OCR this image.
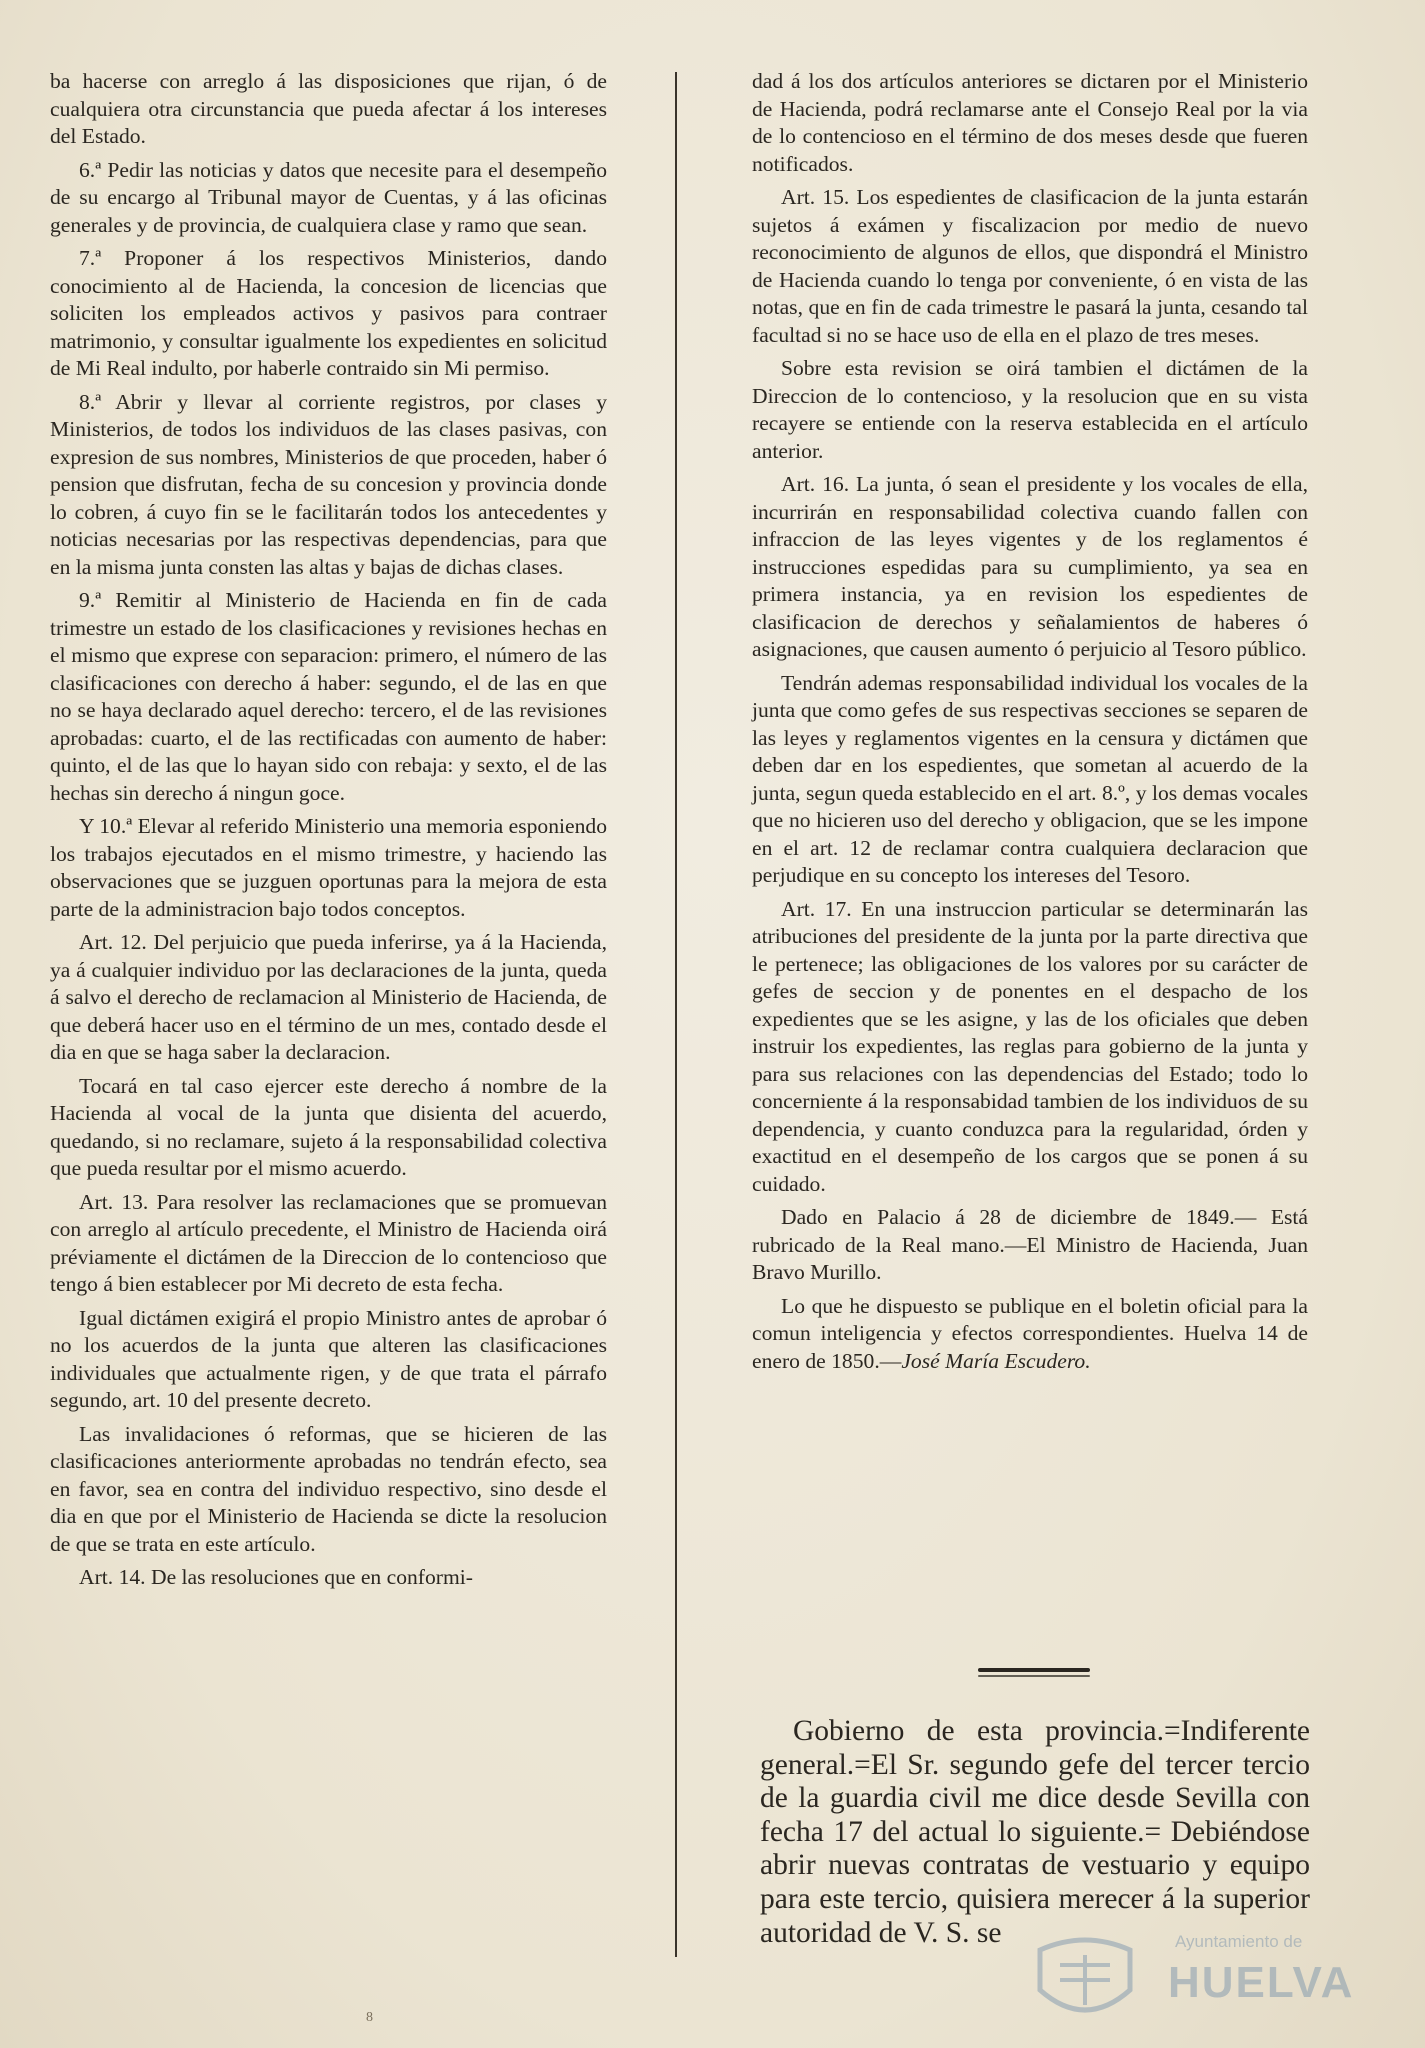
ba hacerse con arreglo á las disposiciones que rijan, ó de cualquiera otra circunstancia que pueda afectar á los intereses del Estado.

6.ª Pedir las noticias y datos que necesite para el desempeño de su encargo al Tribunal mayor de Cuentas, y á las oficinas generales y de provincia, de cualquiera clase y ramo que sean.

7.ª Proponer á los respectivos Ministerios, dando conocimiento al de Hacienda, la concesion de licencias que soliciten los empleados activos y pasivos para contraer matrimonio, y consultar igualmente los expedientes en solicitud de Mi Real indulto, por haberle contraido sin Mi permiso.

8.ª Abrir y llevar al corriente registros, por clases y Ministerios, de todos los individuos de las clases pasivas, con expresion de sus nombres, Ministerios de que proceden, haber ó pension que disfrutan, fecha de su concesion y provincia donde lo cobren, á cuyo fin se le facilitarán todos los antecedentes y noticias necesarias por las respectivas dependencias, para que en la misma junta consten las altas y bajas de dichas clases.

9.ª Remitir al Ministerio de Hacienda en fin de cada trimestre un estado de los clasificaciones y revisiones hechas en el mismo que exprese con separacion: primero, el número de las clasificaciones con derecho á haber: segundo, el de las en que no se haya declarado aquel derecho: tercero, el de las revisiones aprobadas: cuarto, el de las rectificadas con aumento de haber: quinto, el de las que lo hayan sido con rebaja: y sexto, el de las hechas sin derecho á ningun goce.

Y 10.ª Elevar al referido Ministerio una memoria esponiendo los trabajos ejecutados en el mismo trimestre, y haciendo las observaciones que se juzguen oportunas para la mejora de esta parte de la administracion bajo todos conceptos.

Art. 12. Del perjuicio que pueda inferirse, ya á la Hacienda, ya á cualquier individuo por las declaraciones de la junta, queda á salvo el derecho de reclamacion al Ministerio de Hacienda, de que deberá hacer uso en el término de un mes, contado desde el dia en que se haga saber la declaracion.

Tocará en tal caso ejercer este derecho á nombre de la Hacienda al vocal de la junta que disienta del acuerdo, quedando, si no reclamare, sujeto á la responsabilidad colectiva que pueda resultar por el mismo acuerdo.

Art. 13. Para resolver las reclamaciones que se promuevan con arreglo al artículo precedente, el Ministro de Hacienda oirá préviamente el dictámen de la Direccion de lo contencioso que tengo á bien establecer por Mi decreto de esta fecha.

Igual dictámen exigirá el propio Ministro antes de aprobar ó no los acuerdos de la junta que alteren las clasificaciones individuales que actualmente rigen, y de que trata el párrafo segundo, art. 10 del presente decreto.

Las invalidaciones ó reformas, que se hicieren de las clasificaciones anteriormente aprobadas no tendrán efecto, sea en favor, sea en contra del individuo respectivo, sino desde el dia en que por el Ministerio de Hacienda se dicte la resolucion de que se trata en este artículo.

Art. 14. De las resoluciones que en conformi-

dad á los dos artículos anteriores se dictaren por el Ministerio de Hacienda, podrá reclamarse ante el Consejo Real por la via de lo contencioso en el término de dos meses desde que fueren notificados.

Art. 15. Los espedientes de clasificacion de la junta estarán sujetos á exámen y fiscalizacion por medio de nuevo reconocimiento de algunos de ellos, que dispondrá el Ministro de Hacienda cuando lo tenga por conveniente, ó en vista de las notas, que en fin de cada trimestre le pasará la junta, cesando tal facultad si no se hace uso de ella en el plazo de tres meses.

Sobre esta revision se oirá tambien el dictámen de la Direccion de lo contencioso, y la resolucion que en su vista recayere se entiende con la reserva establecida en el artículo anterior.

Art. 16. La junta, ó sean el presidente y los vocales de ella, incurrirán en responsabilidad colectiva cuando fallen con infraccion de las leyes vigentes y de los reglamentos é instrucciones espedidas para su cumplimiento, ya sea en primera instancia, ya en revision los espedientes de clasificacion de derechos y señalamientos de haberes ó asignaciones, que causen aumento ó perjuicio al Tesoro público.

Tendrán ademas responsabilidad individual los vocales de la junta que como gefes de sus respectivas secciones se separen de las leyes y reglamentos vigentes en la censura y dictámen que deben dar en los espedientes, que sometan al acuerdo de la junta, segun queda establecido en el art. 8.º, y los demas vocales que no hicieren uso del derecho y obligacion, que se les impone en el art. 12 de reclamar contra cualquiera declaracion que perjudique en su concepto los intereses del Tesoro.

Art. 17. En una instruccion particular se determinarán las atribuciones del presidente de la junta por la parte directiva que le pertenece; las obligaciones de los valores por su carácter de gefes de seccion y de ponentes en el despacho de los expedientes que se les asigne, y las de los oficiales que deben instruir los expedientes, las reglas para gobierno de la junta y para sus relaciones con las dependencias del Estado; todo lo concerniente á la responsabidad tambien de los individuos de su dependencia, y cuanto conduzca para la regularidad, órden y exactitud en el desempeño de los cargos que se ponen á su cuidado.

Dado en Palacio á 28 de diciembre de 1849.— Está rubricado de la Real mano.—El Ministro de Hacienda, Juan Bravo Murillo.

Lo que he dispuesto se publique en el boletin oficial para la comun inteligencia y efectos correspondientes. Huelva 14 de enero de 1850.—José María Escudero.

Gobierno de esta provincia.=Indiferente general.=El Sr. segundo gefe del tercer tercio de la guardia civil me dice desde Sevilla con fecha 17 del actual lo siguiente.= Debiéndose abrir nuevas contratas de vestuario y equipo para este tercio, quisiera merecer á la superior autoridad de V. S. se

8
Ayuntamiento de
HUELVA
